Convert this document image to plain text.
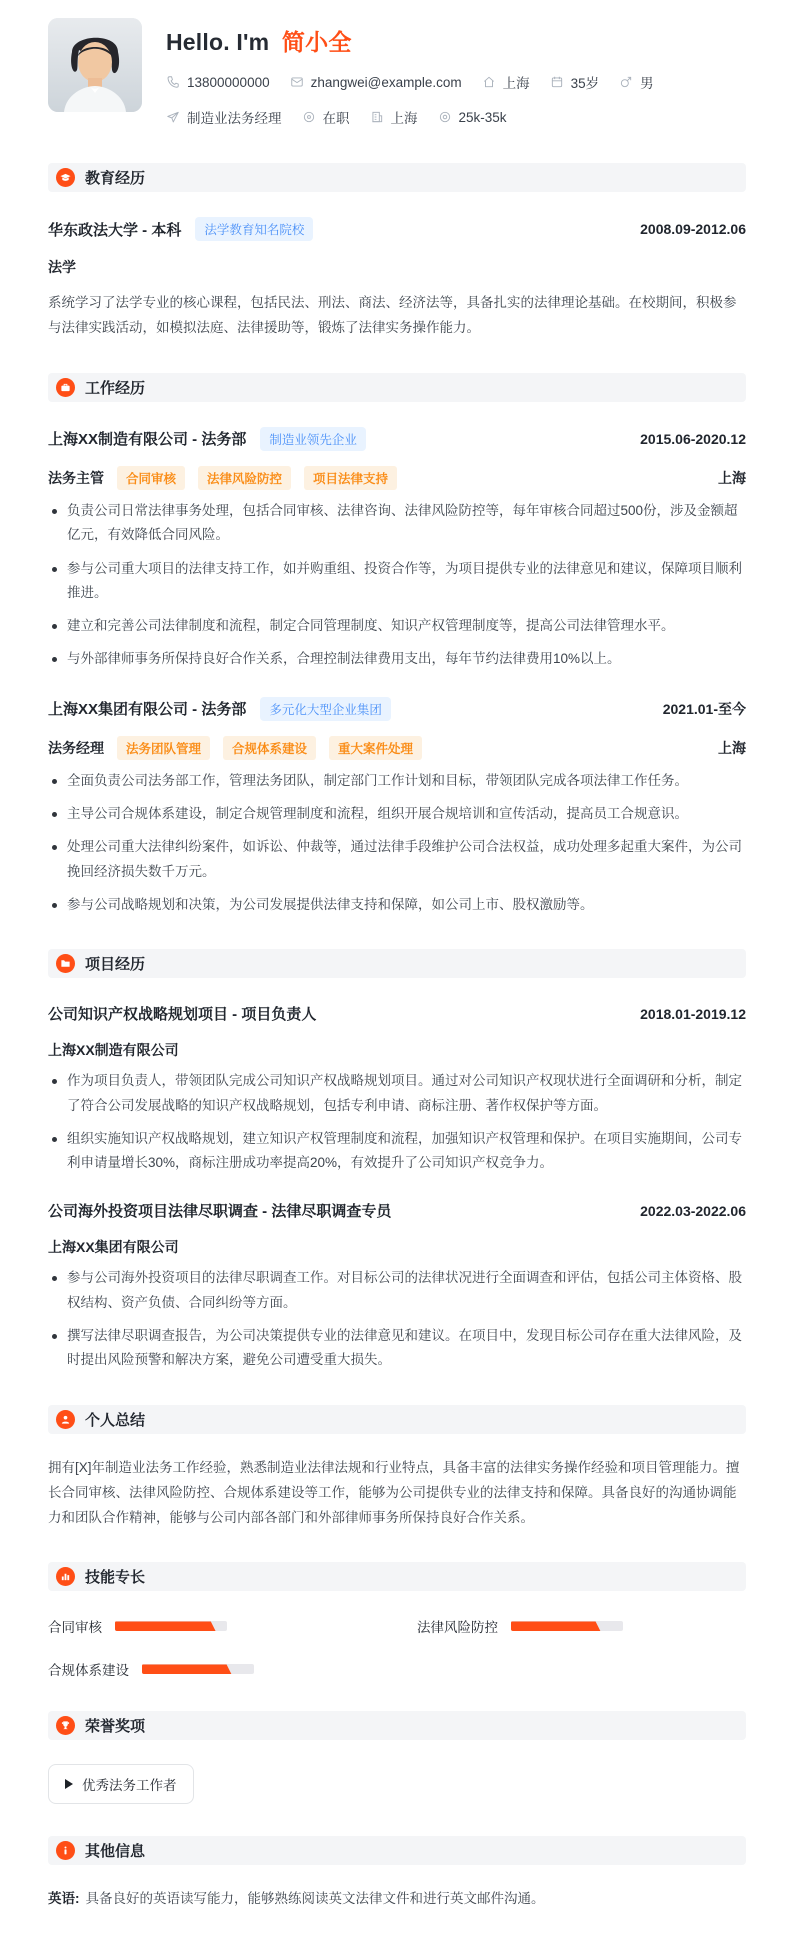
Hello. I'm 简小全
13800000000	zhangwei@example.com	上海	35岁	男
制造业法务经理	在职	上海	25k-35k
教育经历
华东政法大学 - 本科	法学教育知名院校	2008.09-2012.06
法学

系统学习了法学专业的核心课程，包括民法、刑法、商法、经济法等，具备扎实的法律理论基础。在校期间，积极参与法律实践活动，如模拟法庭、法律援助等，锻炼了法律实务操作能力。

工作经历
上海XX制造有限公司 - 法务部	制造业领先企业	2015.06-2020.12
法务主管	合同审核	法律风险防控	项目法律支持	上海
负责公司日常法律事务处理，包括合同审核、法律咨询、法律风险防控等，每年审核合同超过500份，涉及金额超亿元，有效降低合同风险。
参与公司重大项目的法律支持工作，如并购重组、投资合作等，为项目提供专业的法律意见和建议，保障项目顺利推进。
建立和完善公司法律制度和流程，制定合同管理制度、知识产权管理制度等，提高公司法律管理水平。
与外部律师事务所保持良好合作关系，合理控制法律费用支出，每年节约法律费用10%以上。
上海XX集团有限公司 - 法务部	多元化大型企业集团	2021.01-至今
法务经理	法务团队管理	合规体系建设	重大案件处理	上海
全面负责公司法务部工作，管理法务团队，制定部门工作计划和目标，带领团队完成各项法律工作任务。
主导公司合规体系建设，制定合规管理制度和流程，组织开展合规培训和宣传活动，提高员工合规意识。
处理公司重大法律纠纷案件，如诉讼、仲裁等，通过法律手段维护公司合法权益，成功处理多起重大案件，为公司挽回经济损失数千万元。
参与公司战略规划和决策，为公司发展提供法律支持和保障，如公司上市、股权激励等。
项目经历
公司知识产权战略规划项目 - 项目负责人	2018.01-2019.12
上海XX制造有限公司
作为项目负责人，带领团队完成公司知识产权战略规划项目。通过对公司知识产权现状进行全面调研和分析，制定了符合公司发展战略的知识产权战略规划，包括专利申请、商标注册、著作权保护等方面。
组织实施知识产权战略规划，建立知识产权管理制度和流程，加强知识产权管理和保护。在项目实施期间，公司专利申请量增长30%，商标注册成功率提高20%，有效提升了公司知识产权竞争力。
公司海外投资项目法律尽职调查 - 法律尽职调查专员	2022.03-2022.06
上海XX集团有限公司
参与公司海外投资项目的法律尽职调查工作。对目标公司的法律状况进行全面调查和评估，包括公司主体资格、股权结构、资产负债、合同纠纷等方面。
撰写法律尽职调查报告，为公司决策提供专业的法律意见和建议。在项目中，发现目标公司存在重大法律风险，及时提出风险预警和解决方案，避免公司遭受重大损失。
个人总结

拥有[X]年制造业法务工作经验，熟悉制造业法律法规和行业特点，具备丰富的法律实务操作经验和项目管理能力。擅长合同审核、法律风险防控、合规体系建设等工作，能够为公司提供专业的法律支持和保障。具备良好的沟通协调能力和团队合作精神，能够与公司内部各部门和外部律师事务所保持良好合作关系。

技能专长
合同审核	法律风险防控
合规体系建设
荣誉奖项
优秀法务工作者
其他信息

英语: 具备良好的英语读写能力，能够熟练阅读英文法律文件和进行英文邮件沟通。
